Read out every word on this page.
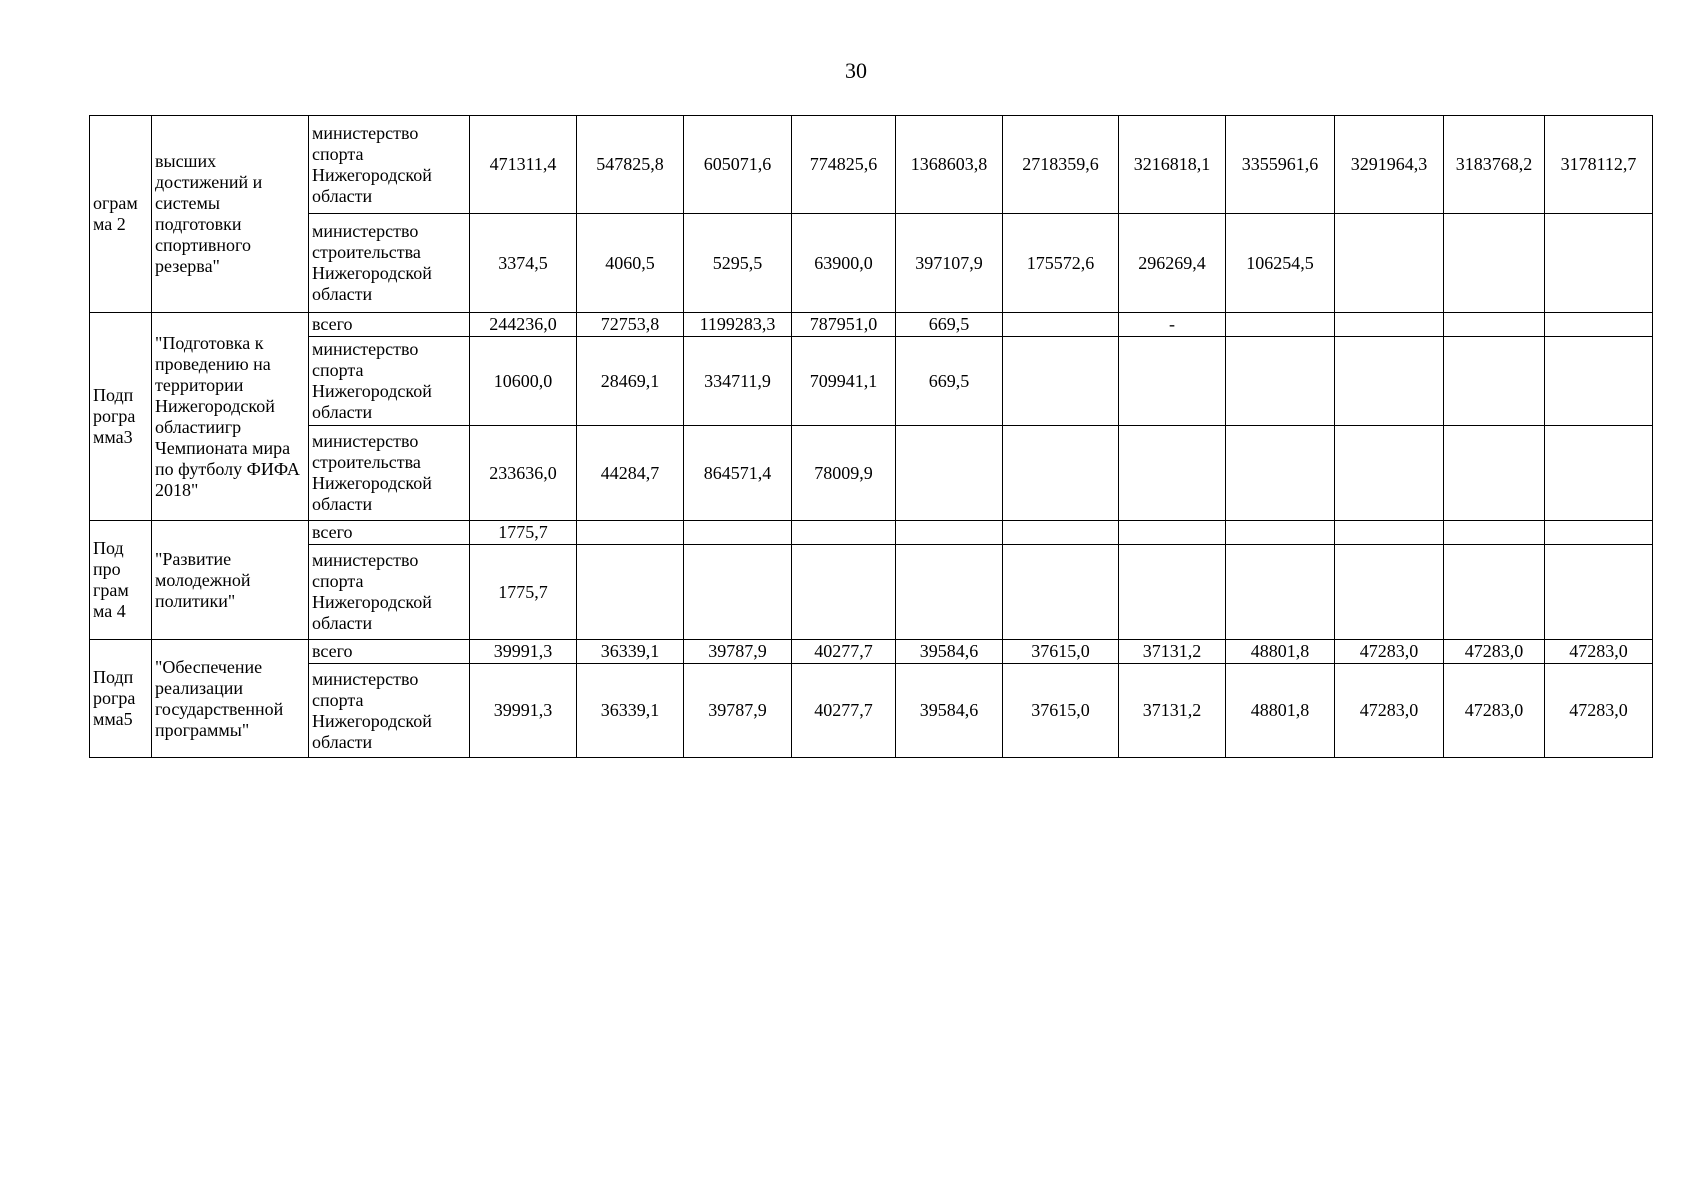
30
ограм ма 2	высших достижений и системы подготовки спортивного резерва"	министерство спорта Нижегородской области	471311,4	547825,8	605071,6	774825,6	1368603,8	2718359,6	3216818,1	3355961,6	3291964,3	3183768,2	3178112,7
		министерство строительства Нижегородской области	3374,5	4060,5	5295,5	63900,0	397107,9	175572,6	296269,4	106254,5			
Подп рогра мма3	"Подготовка к проведению на территории Нижегородской областиигр Чемпионата мира по футболу ФИФА 2018"	всего	244236,0	72753,8	1199283,3	787951,0	669,5		-				
		министерство спорта Нижегородской области	10600,0	28469,1	334711,9	709941,1	669,5						
		министерство строительства Нижегородской области	233636,0	44284,7	864571,4	78009,9							
Под про грам ма 4	"Развитие молодежной политики"	всего	1775,7										
		министерство спорта Нижегородской области	1775,7										
Подп рогра мма5	"Обеспечение реализации государственной программы"	всего	39991,3	36339,1	39787,9	40277,7	39584,6	37615,0	37131,2	48801,8	47283,0	47283,0	47283,0
		министерство спорта Нижегородской области	39991,3	36339,1	39787,9	40277,7	39584,6	37615,0	37131,2	48801,8	47283,0	47283,0	47283,0
